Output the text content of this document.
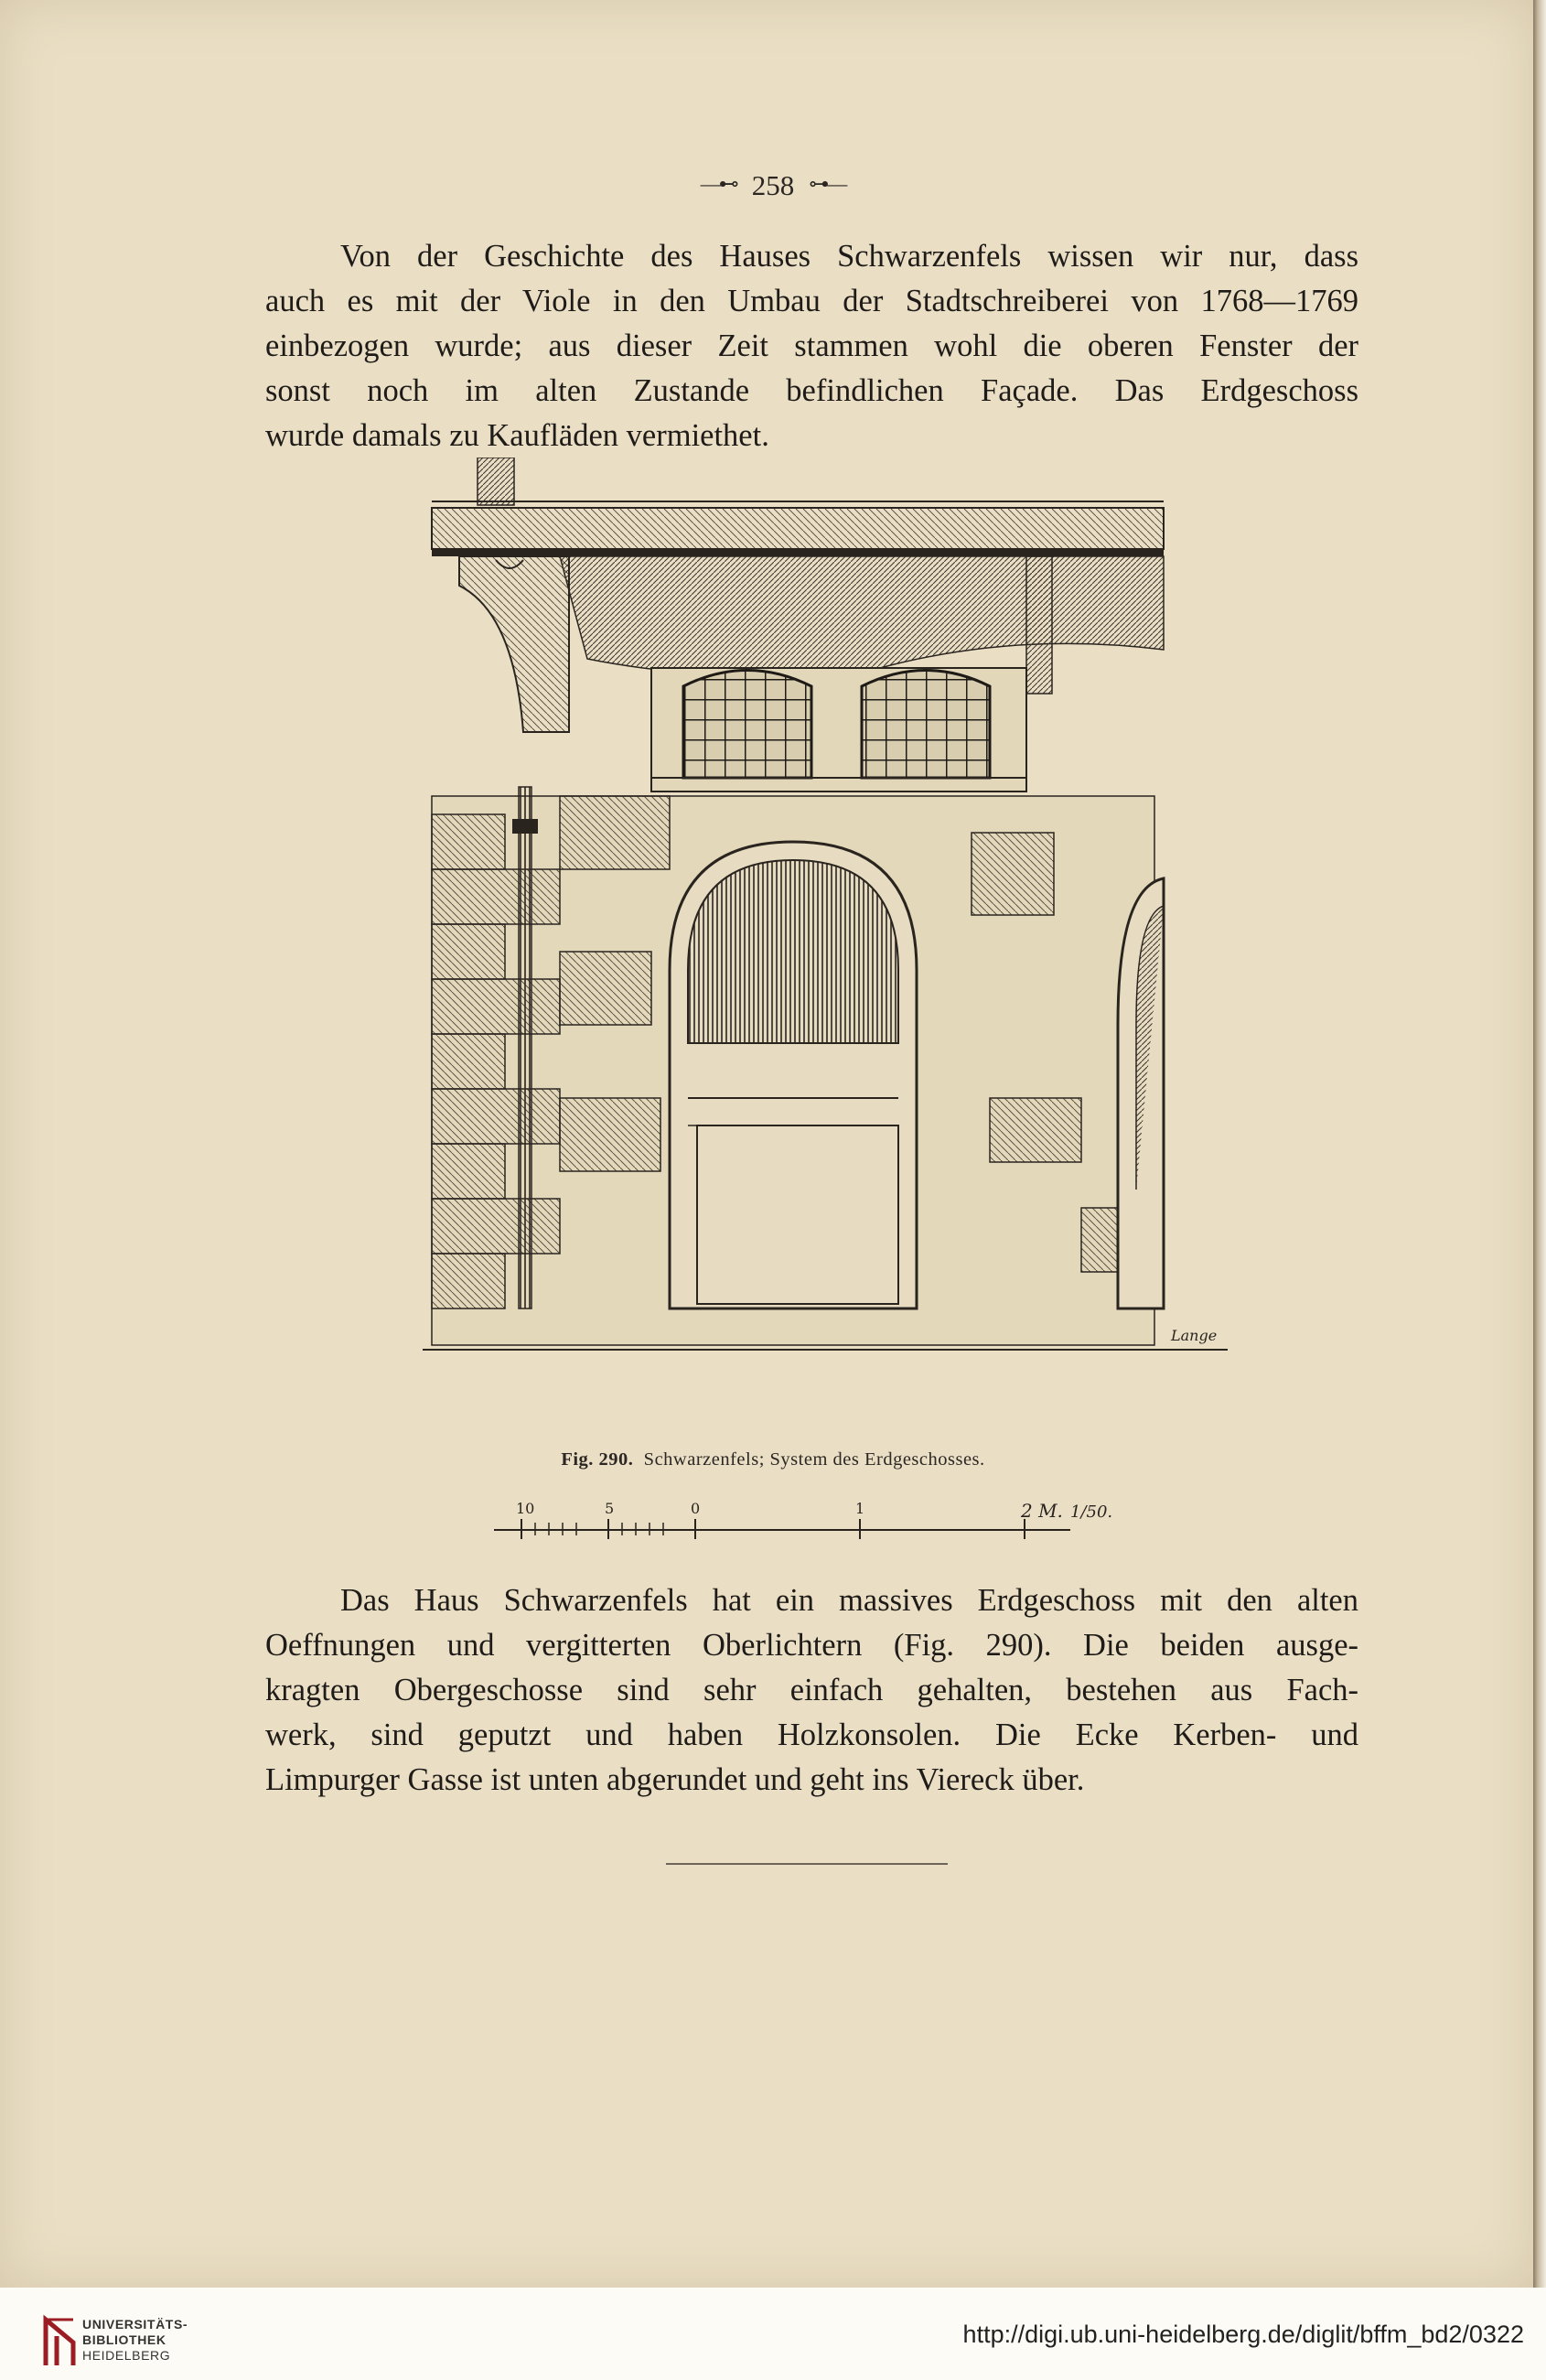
—⊷ 258 ⊶—

Von der Geschichte des Hauses Schwarzenfels wissen wir nur, dass
auch es mit der Viole in den Umbau der Stadtschreiberei von 1768—1769
einbezogen wurde; aus dieser Zeit stammen wohl die oberen Fenster der
sonst noch im alten Zustande befindlichen Façade. Das Erdgeschoss
wurde damals zu Kaufläden vermiethet.

Lange
Fig. 290. Schwarzenfels; System des Erdgeschosses.
10	5	0	1	2 M. 1/50.

Das Haus Schwarzenfels hat ein massives Erdgeschoss mit den alten
Oeffnungen und vergitterten Oberlichtern (Fig. 290). Die beiden ausge-
kragten Obergeschosse sind sehr einfach gehalten, bestehen aus Fach-
werk, sind geputzt und haben Holzkonsolen. Die Ecke Kerben- und
Limpurger Gasse ist unten abgerundet und geht ins Viereck über.

UNIVERSITÄTS-
BIBLIOTHEK
HEIDELBERG
http://digi.ub.uni-heidelberg.de/diglit/bffm_bd2/0322
